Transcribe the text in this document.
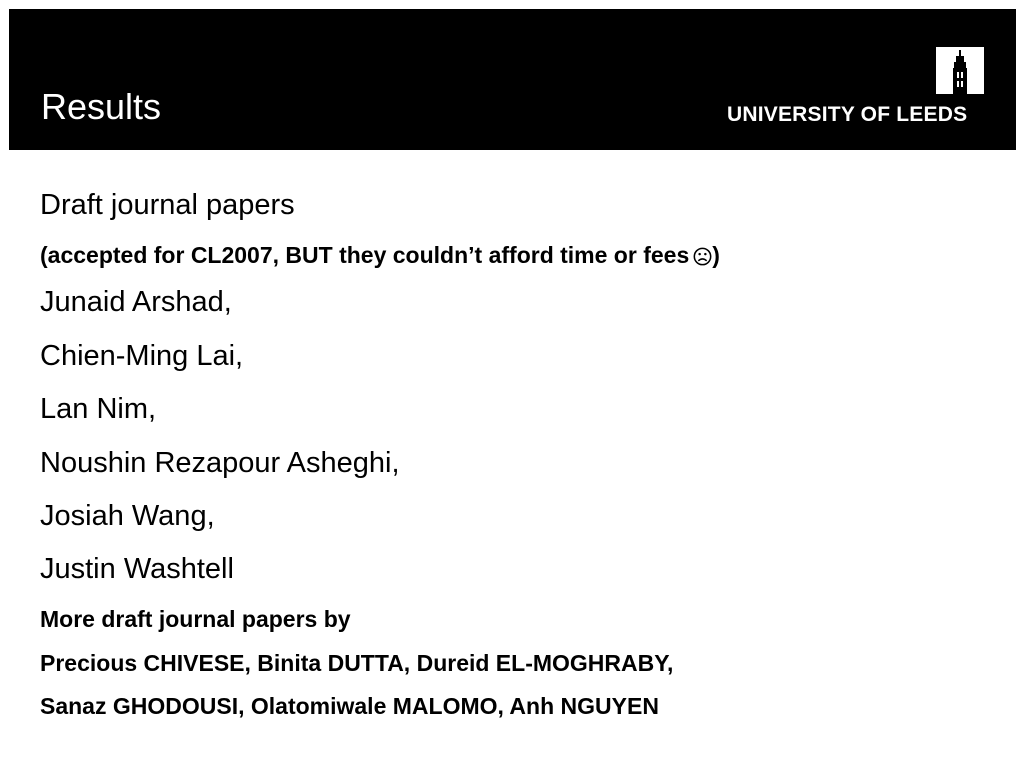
Results	UNIVERSITY OF LEEDS
Draft journal papers
(accepted for CL2007, BUT they couldn’t afford time or fees )
Junaid Arshad,
Chien-Ming Lai,
Lan Nim,
Noushin Rezapour Asheghi,
Josiah Wang,
Justin Washtell
More draft journal papers by
Precious CHIVESE, Binita DUTTA, Dureid EL-MOGHRABY,
Sanaz GHODOUSI, Olatomiwale MALOMO, Anh NGUYEN
